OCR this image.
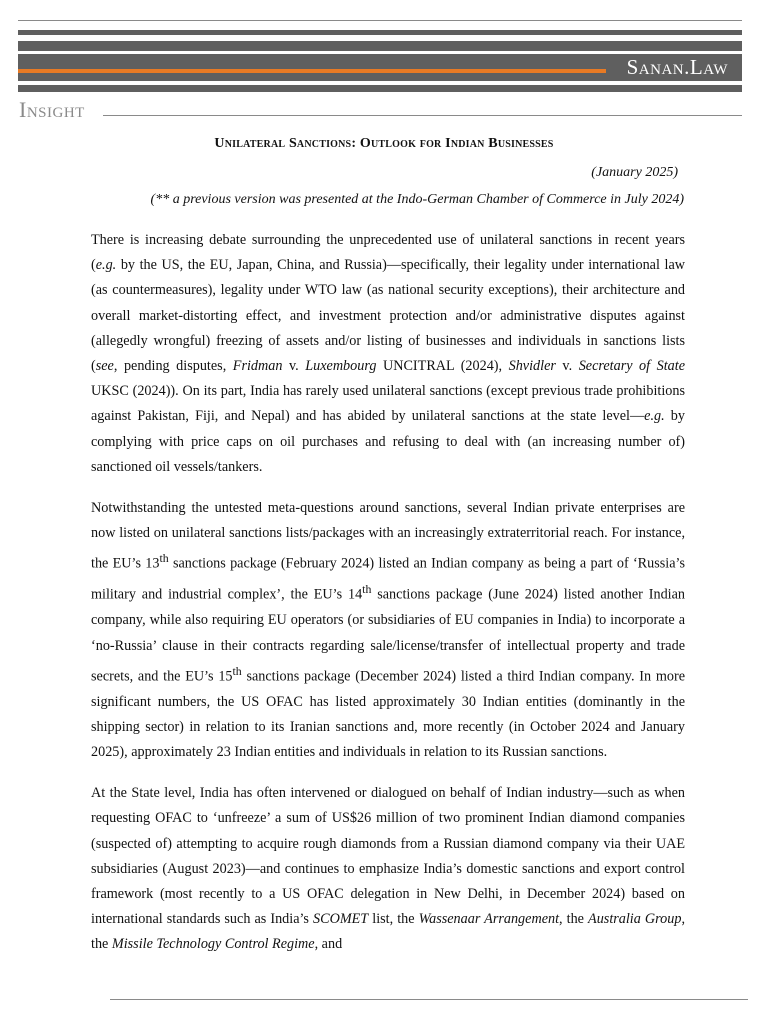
Sanan.Law
Insight
Unilateral Sanctions: Outlook for Indian Businesses
(January 2025)
(** a previous version was presented at the Indo-German Chamber of Commerce in July 2024)

There is increasing debate surrounding the unprecedented use of unilateral sanctions in recent years (e.g. by the US, the EU, Japan, China, and Russia)—specifically, their legality under international law (as countermeasures), legality under WTO law (as national security exceptions), their architecture and overall market-distorting effect, and investment protection and/or administrative disputes against (allegedly wrongful) freezing of assets and/or listing of businesses and individuals in sanctions lists (see, pending disputes, Fridman v. Luxembourg UNCITRAL (2024), Shvidler v. Secretary of State UKSC (2024)). On its part, India has rarely used unilateral sanctions (except previous trade prohibitions against Pakistan, Fiji, and Nepal) and has abided by unilateral sanctions at the state level—e.g. by complying with price caps on oil purchases and refusing to deal with (an increasing number of) sanctioned oil vessels/tankers.

Notwithstanding the untested meta-questions around sanctions, several Indian private enterprises are now listed on unilateral sanctions lists/packages with an increasingly extraterritorial reach. For instance, the EU’s 13th sanctions package (February 2024) listed an Indian company as being a part of ‘Russia’s military and industrial complex’, the EU’s 14th sanctions package (June 2024) listed another Indian company, while also requiring EU operators (or subsidiaries of EU companies in India) to incorporate a ‘no-Russia’ clause in their contracts regarding sale/license/transfer of intellectual property and trade secrets, and the EU’s 15th sanctions package (December 2024) listed a third Indian company. In more significant numbers, the US OFAC has listed approximately 30 Indian entities (dominantly in the shipping sector) in relation to its Iranian sanctions and, more recently (in October 2024 and January 2025), approximately 23 Indian entities and individuals in relation to its Russian sanctions.

At the State level, India has often intervened or dialogued on behalf of Indian industry—such as when requesting OFAC to ‘unfreeze’ a sum of US$26 million of two prominent Indian diamond companies (suspected of) attempting to acquire rough diamonds from a Russian diamond company via their UAE subsidiaries (August 2023)—and continues to emphasize India’s domestic sanctions and export control framework (most recently to a US OFAC delegation in New Delhi, in December 2024) based on international standards such as India’s SCOMET list, the Wassenaar Arrangement, the Australia Group, the Missile Technology Control Regime, and
